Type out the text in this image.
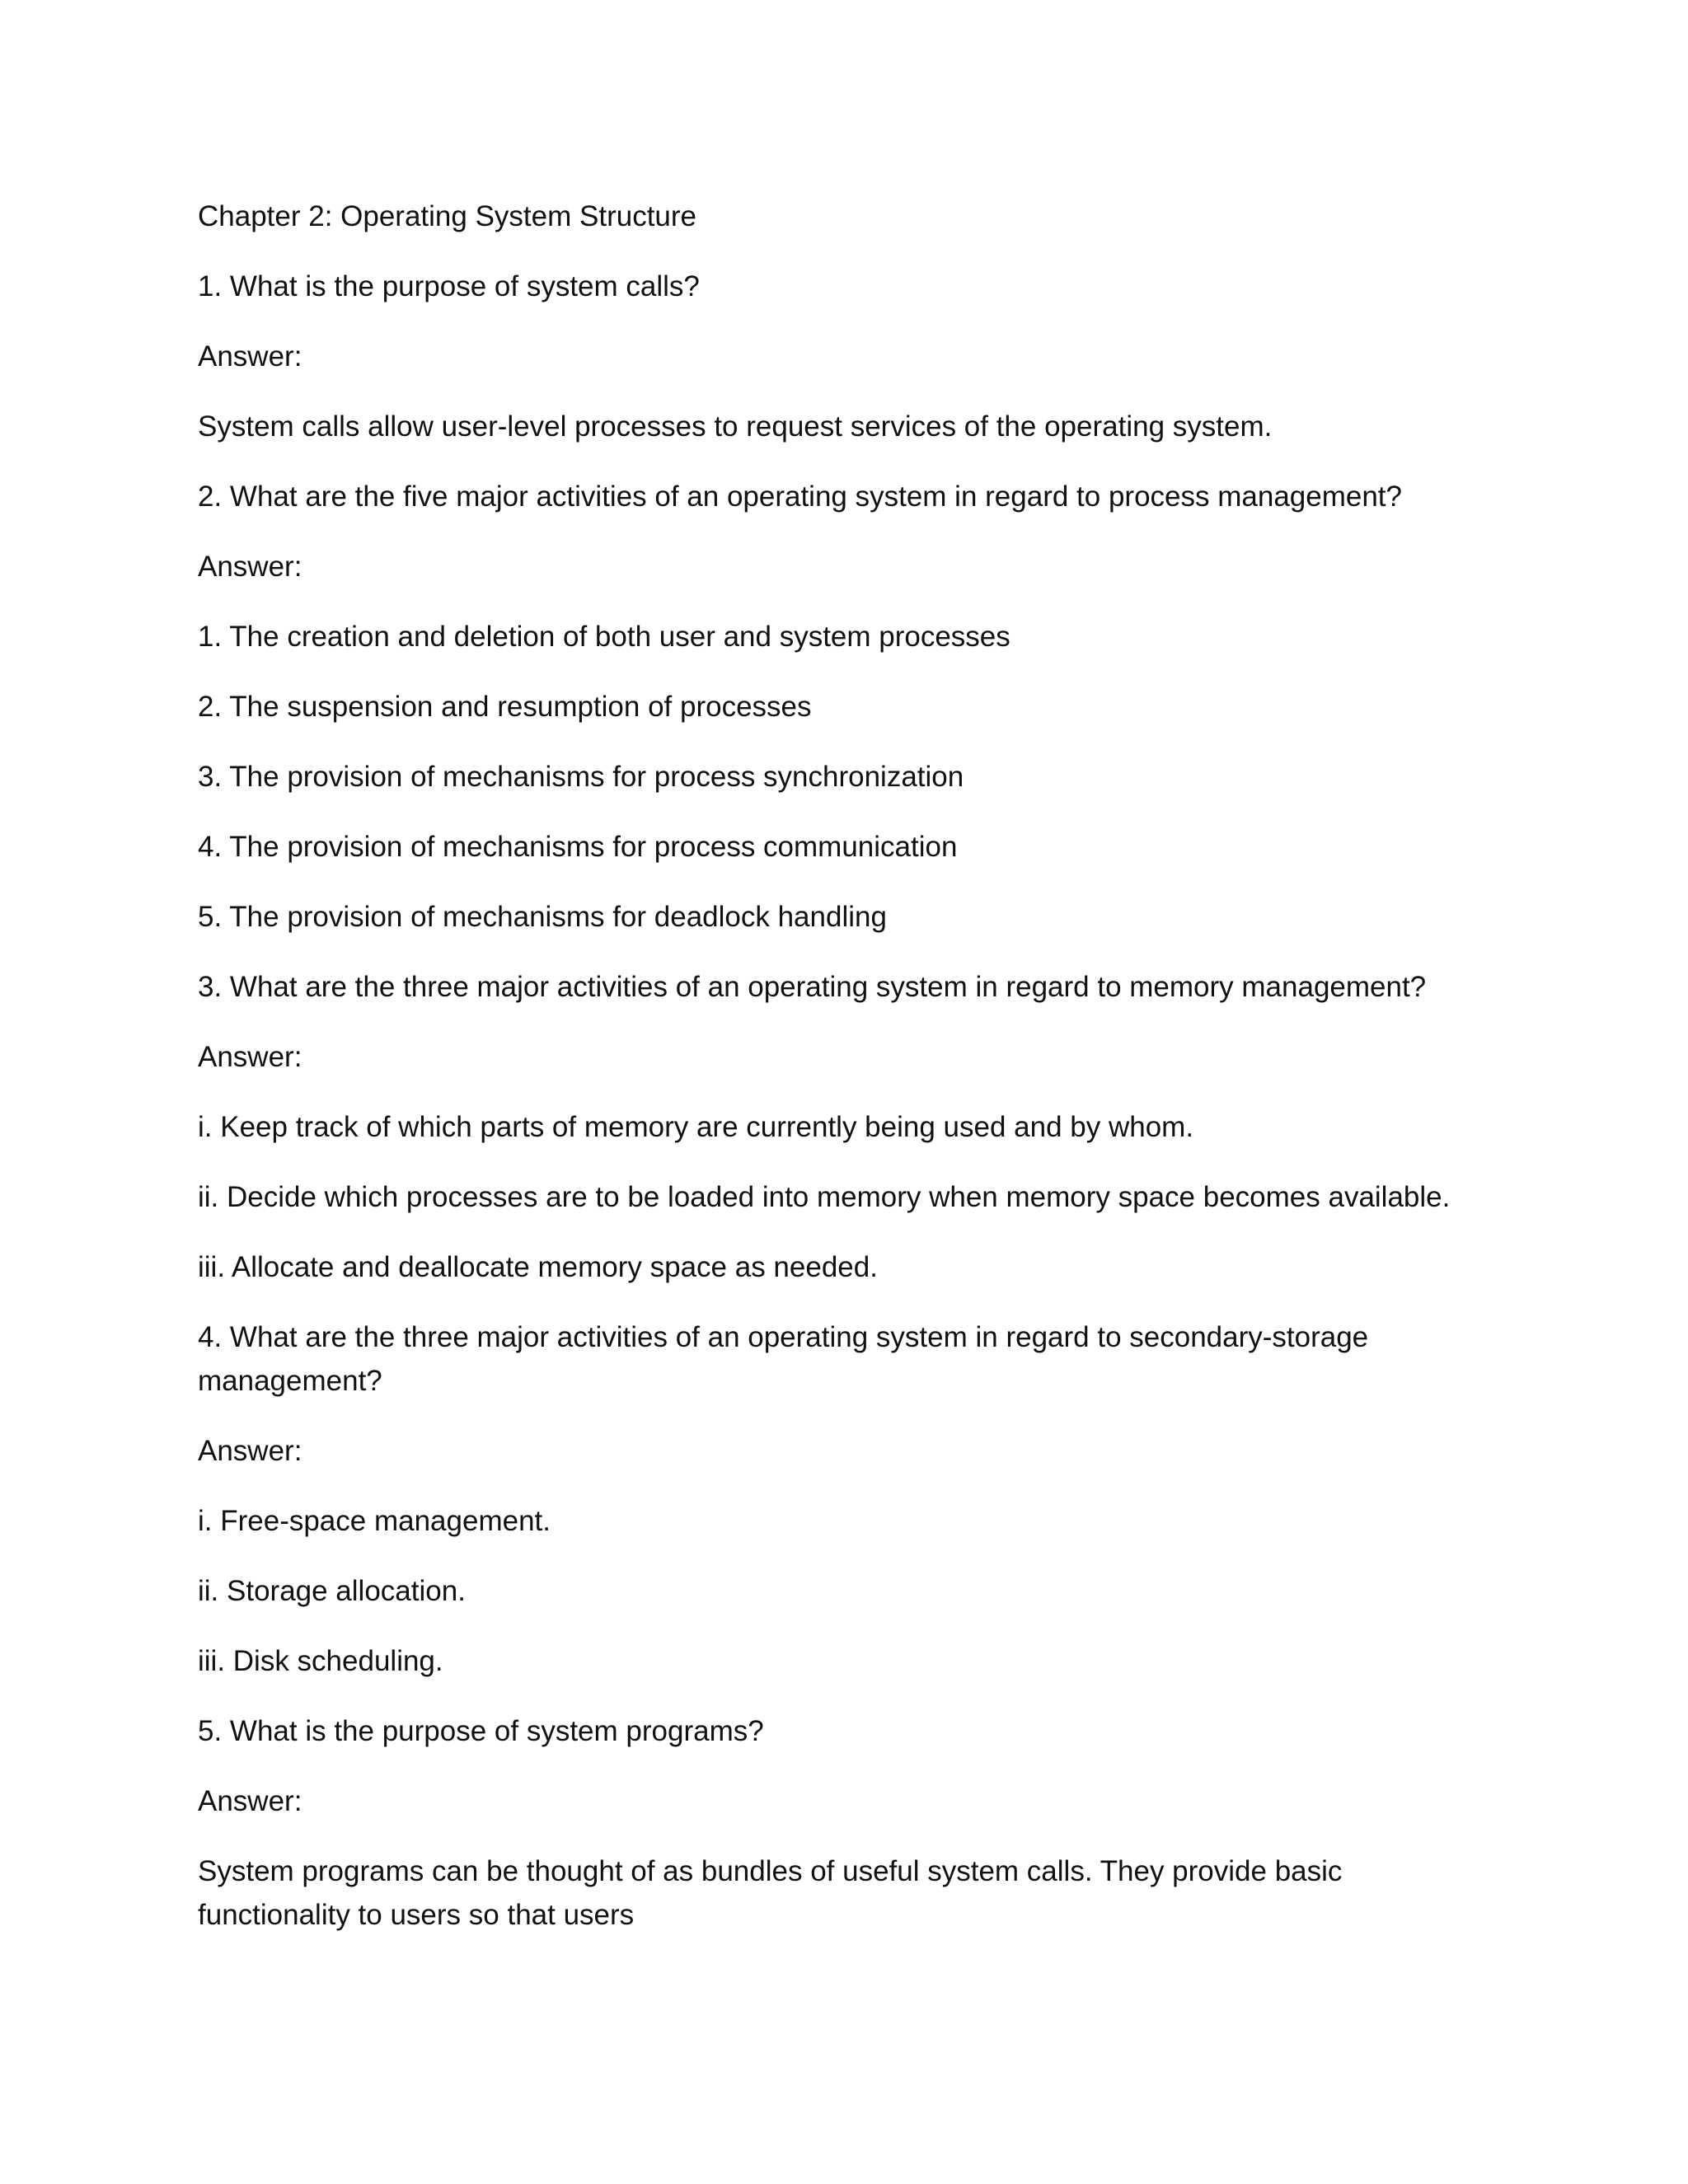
Chapter 2: Operating System Structure

1. What is the purpose of system calls?

Answer:

System calls allow user-level processes to request services of the operating system.

2. What are the five major activities of an operating system in regard to process management?

Answer:

1. The creation and deletion of both user and system processes

2. The suspension and resumption of processes

3. The provision of mechanisms for process synchronization

4. The provision of mechanisms for process communication

5. The provision of mechanisms for deadlock handling

3. What are the three major activities of an operating system in regard to memory management?

Answer:

i. Keep track of which parts of memory are currently being used and by whom.

ii. Decide which processes are to be loaded into memory when memory space becomes available.

iii. Allocate and deallocate memory space as needed.

4. What are the three major activities of an operating system in regard to secondary-storage management?

Answer:

i. Free-space management.

ii. Storage allocation.

iii. Disk scheduling.

5. What is the purpose of system programs?

Answer:

System programs can be thought of as bundles of useful system calls. They provide basic functionality to users so that users
